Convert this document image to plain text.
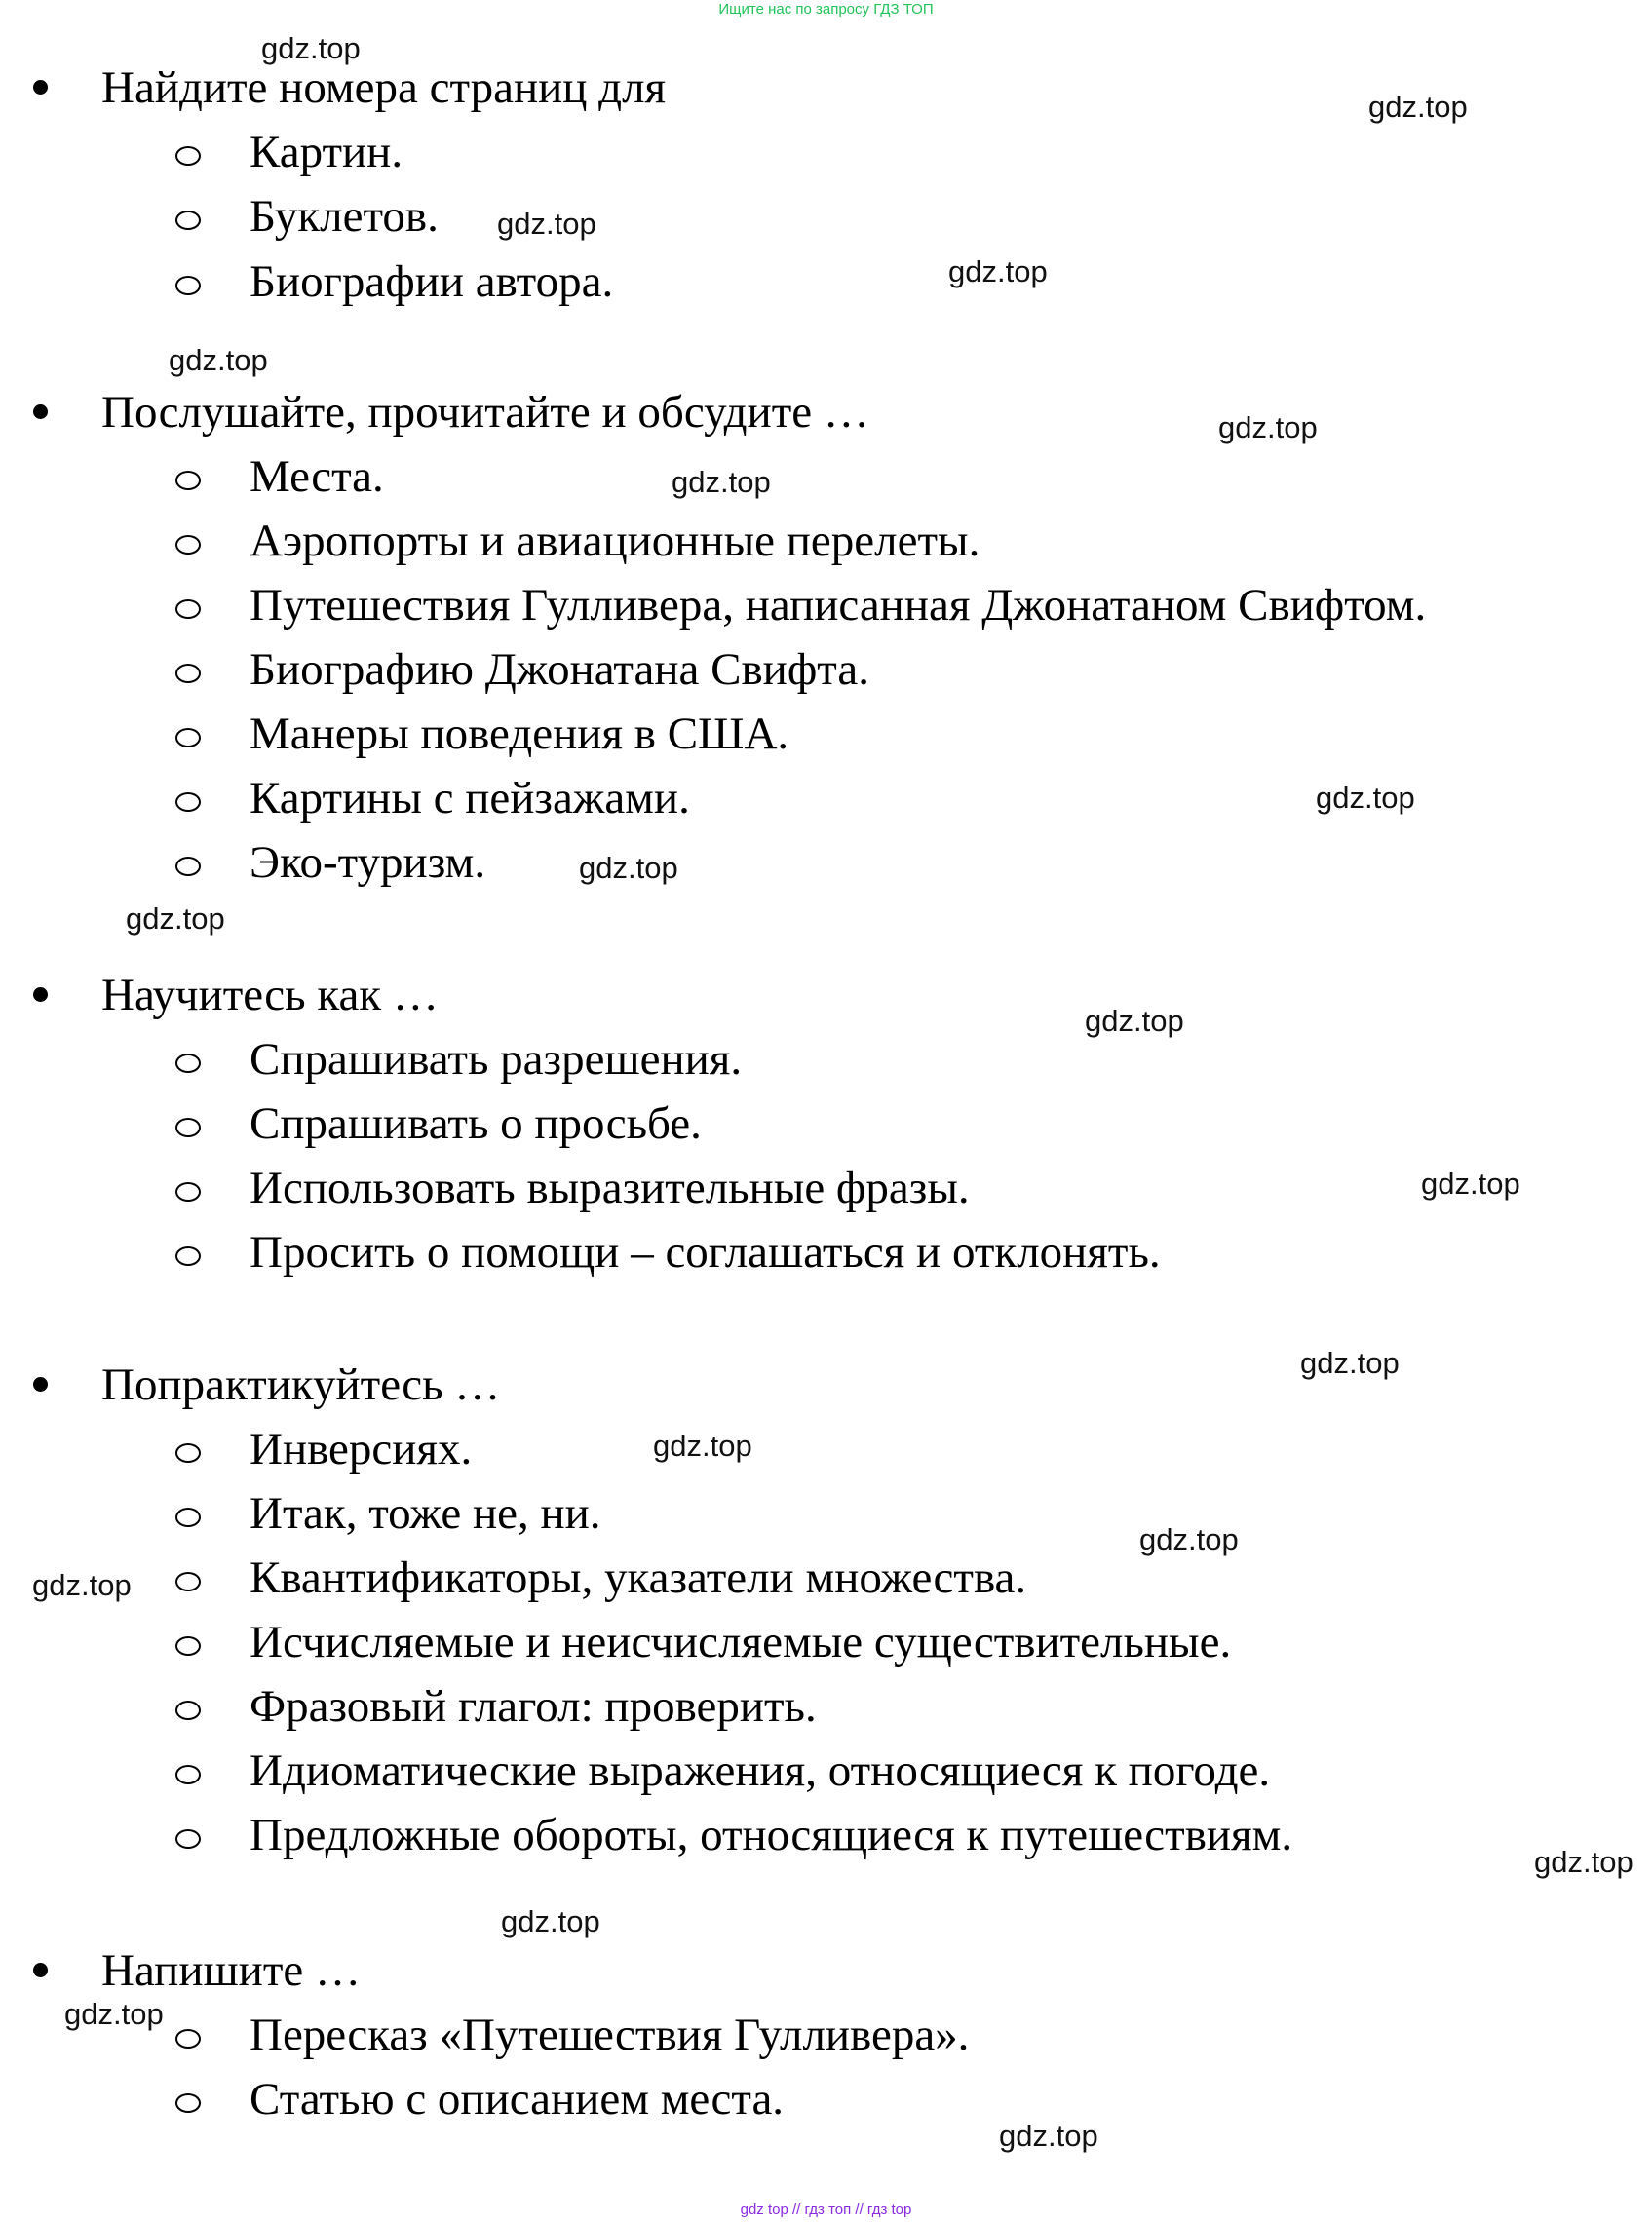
Ищите нас по запросу ГДЗ ТОП
Найдите номера страниц для
Картин.
Буклетов.
Биографии автора.
Послушайте, прочитайте и обсудите …
Места.
Аэропорты и авиационные перелеты.
Путешествия Гулливера, написанная Джонатаном Свифтом.
Биографию Джонатана Свифта.
Манеры поведения в США.
Картины с пейзажами.
Эко-туризм.
Научитесь как …
Спрашивать разрешения.
Спрашивать о просьбе.
Использовать выразительные фразы.
Просить о помощи – соглашаться и отклонять.
Попрактикуйтесь …
Инверсиях.
Итак, тоже не, ни.
Квантификаторы, указатели множества.
Исчисляемые и неисчисляемые существительные.
Фразовый глагол: проверить.
Идиоматические выражения, относящиеся к погоде.
Предложные обороты, относящиеся к путешествиям.
Напишите …
Пересказ «Путешествия Гулливера».
Статью с описанием места.
gdz.top
gdz.top
gdz.top
gdz.top
gdz.top
gdz.top
gdz.top
gdz.top
gdz.top
gdz.top
gdz.top
gdz.top
gdz.top
gdz.top
gdz.top
gdz.top
gdz.top
gdz.top
gdz.top
gdz.top
gdz top // гдз топ // гдз top
